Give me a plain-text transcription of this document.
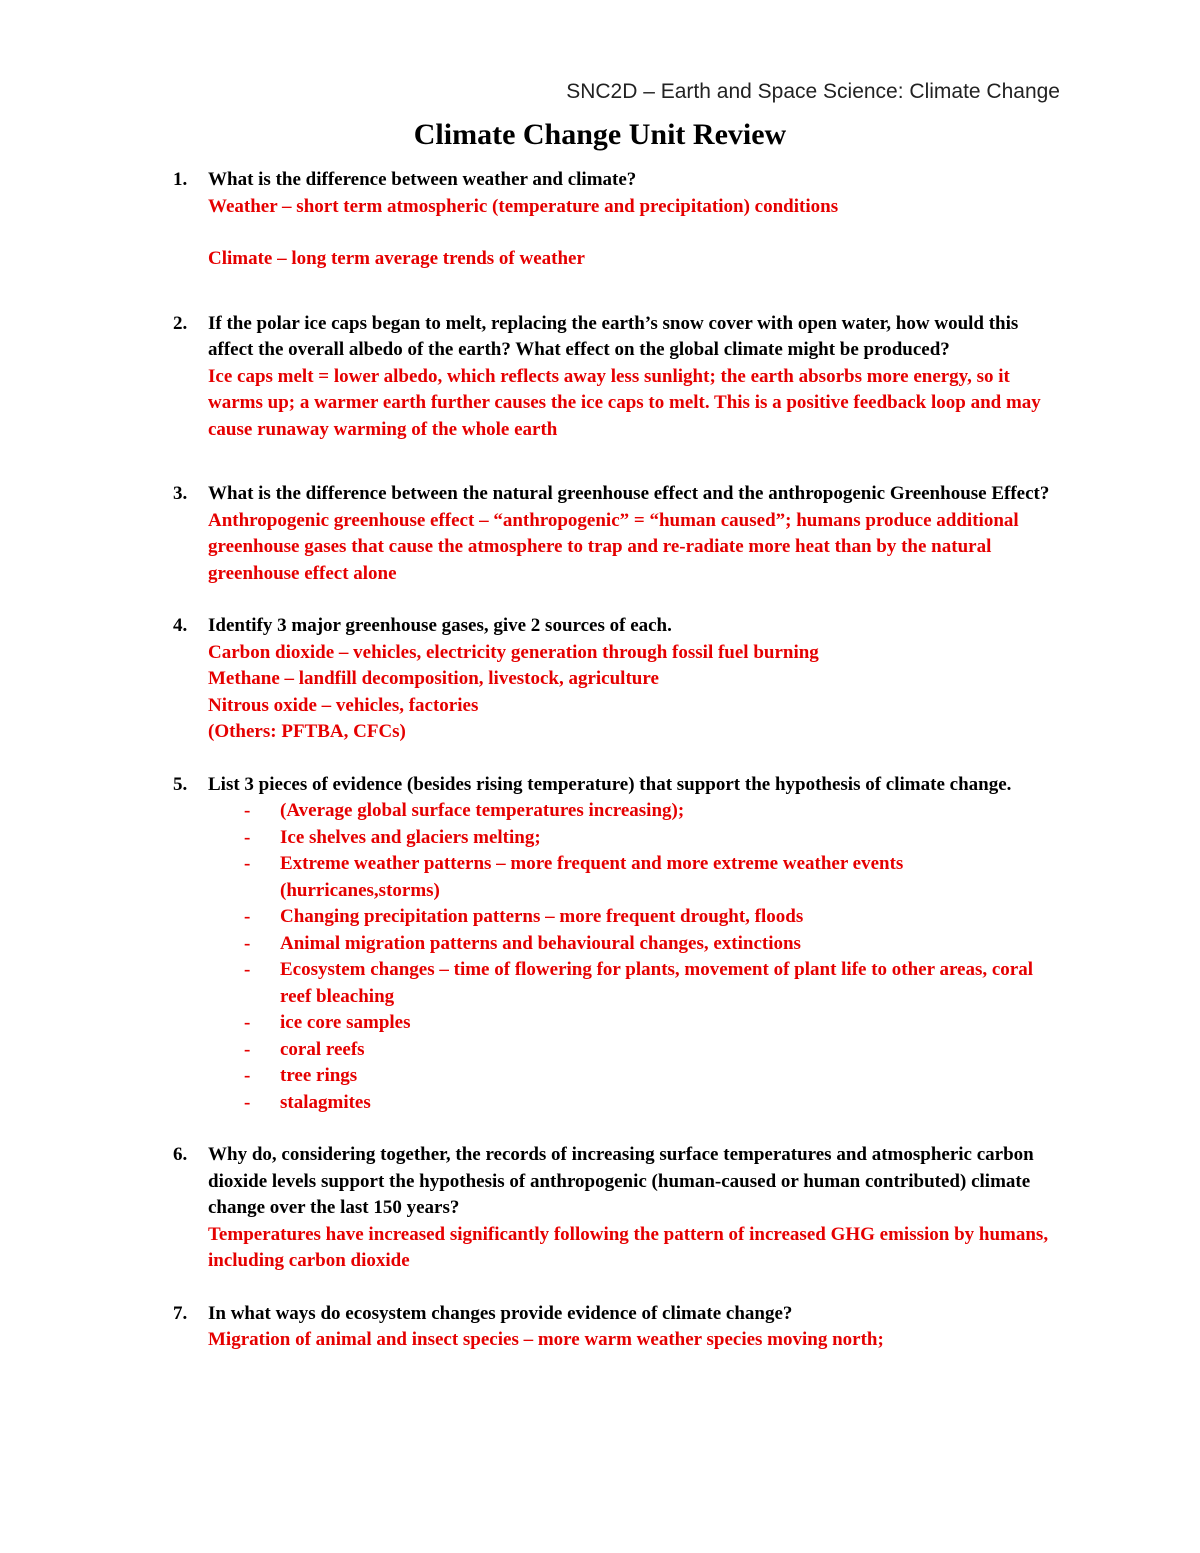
SNC2D – Earth and Space Science: Climate Change
Climate Change Unit Review
1. What is the difference between weather and climate?
Weather – short term atmospheric (temperature and precipitation) conditions
Climate – long term average trends of weather
2. If the polar ice caps began to melt, replacing the earth’s snow cover with open water, how would this affect the overall albedo of the earth? What effect on the global climate might be produced?
Ice caps melt = lower albedo, which reflects away less sunlight; the earth absorbs more energy, so it warms up; a warmer earth further causes the ice caps to melt. This is a positive feedback loop and may cause runaway warming of the whole earth
3. What is the difference between the natural greenhouse effect and the anthropogenic Greenhouse Effect?
Anthropogenic greenhouse effect – “anthropogenic” = “human caused”; humans produce additional greenhouse gases that cause the atmosphere to trap and re-radiate more heat than by the natural greenhouse effect alone
4. Identify 3 major greenhouse gases, give 2 sources of each.
Carbon dioxide – vehicles, electricity generation through fossil fuel burning
Methane – landfill decomposition, livestock, agriculture
Nitrous oxide – vehicles, factories
(Others: PFTBA, CFCs)
5. List 3 pieces of evidence (besides rising temperature) that support the hypothesis of climate change.
- (Average global surface temperatures increasing);
- Ice shelves and glaciers melting;
- Extreme weather patterns – more frequent and more extreme weather events (hurricanes,storms)
- Changing precipitation patterns – more frequent drought, floods
- Animal migration patterns and behavioural changes, extinctions
- Ecosystem changes – time of flowering for plants, movement of plant life to other areas, coral reef bleaching
- ice core samples
- coral reefs
- tree rings
- stalagmites
6. Why do, considering together, the records of increasing surface temperatures and atmospheric carbon dioxide levels support the hypothesis of anthropogenic (human-caused or human contributed) climate change over the last 150 years?
Temperatures have increased significantly following the pattern of increased GHG emission by humans, including carbon dioxide
7. In what ways do ecosystem changes provide evidence of climate change?
Migration of animal and insect species – more warm weather species moving north;
